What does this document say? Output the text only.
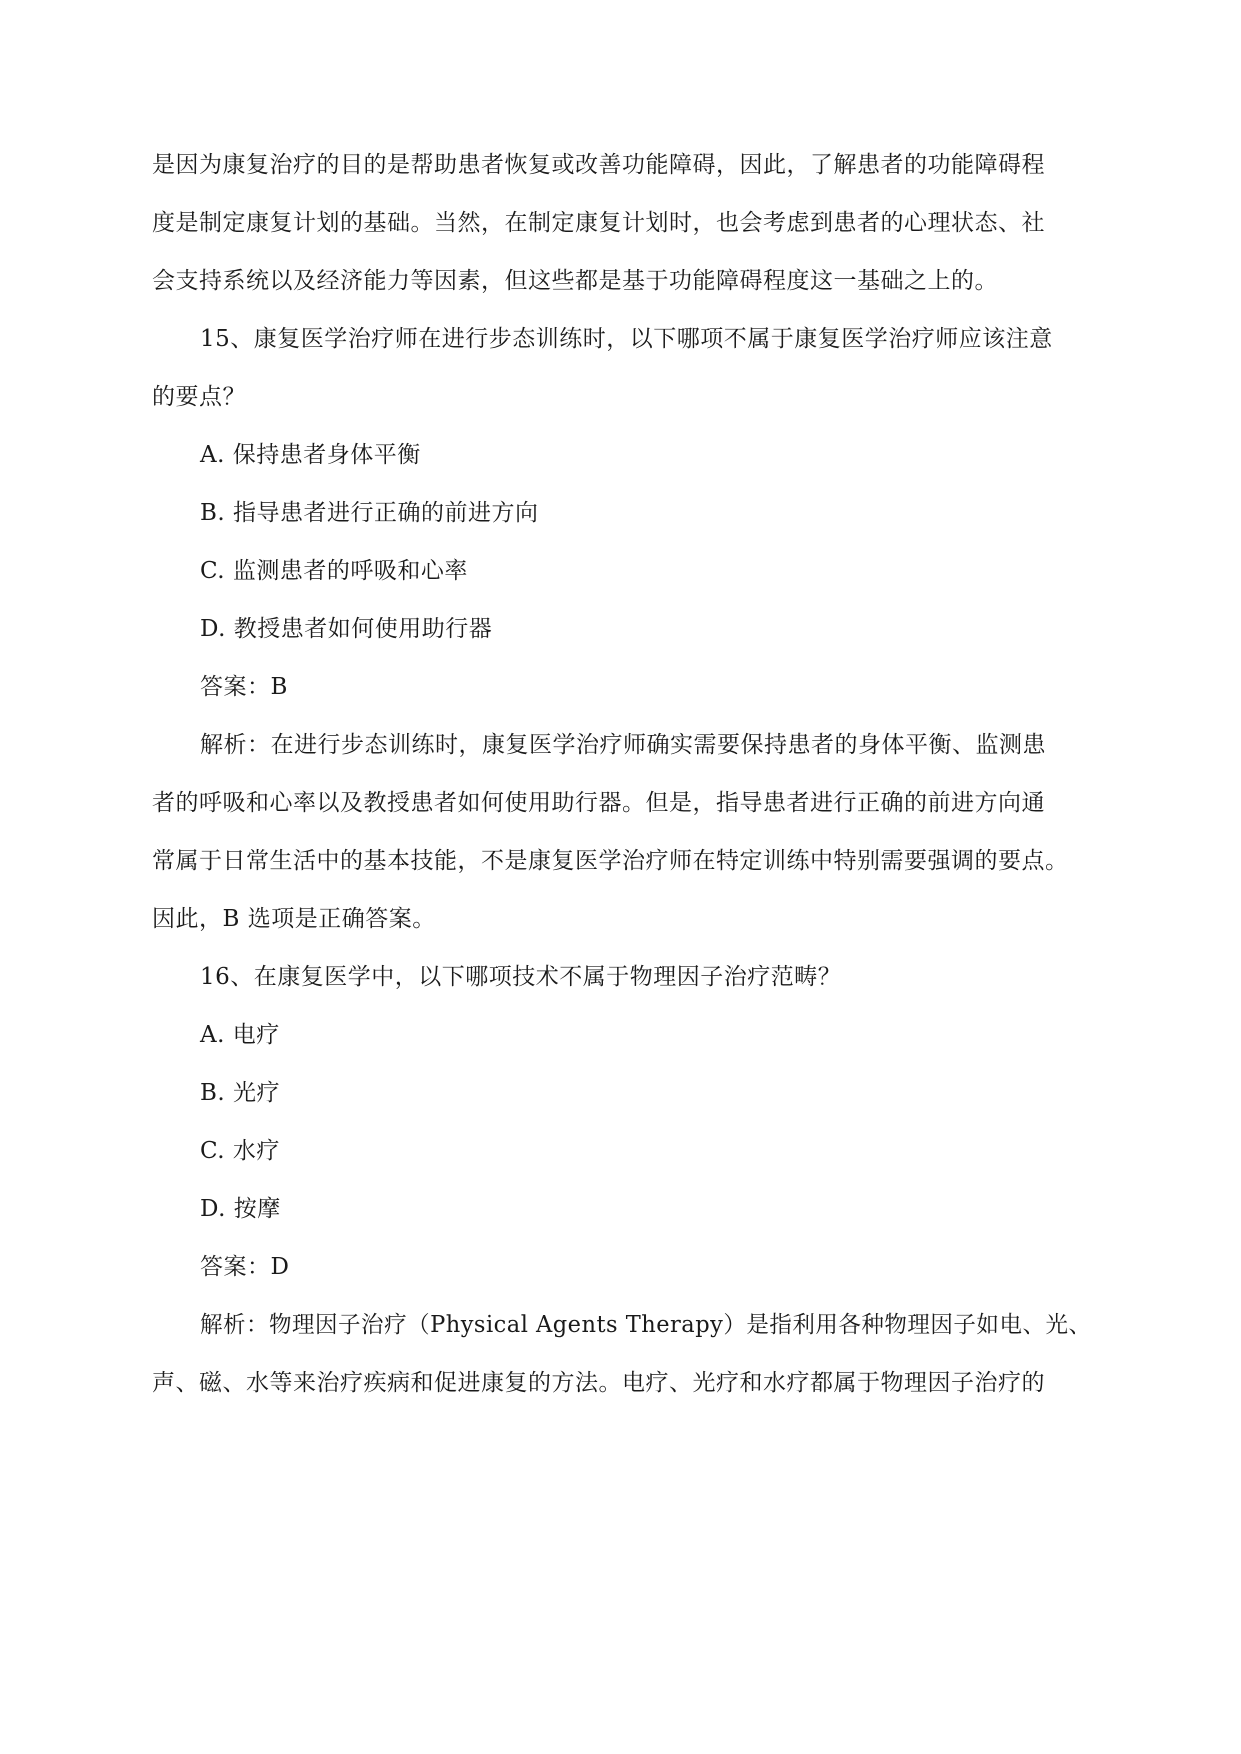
是因为康复治疗的目的是帮助患者恢复或改善功能障碍，因此，了解患者的功能障碍程
度是制定康复计划的基础。当然，在制定康复计划时，也会考虑到患者的心理状态、社
会支持系统以及经济能力等因素，但这些都是基于功能障碍程度这一基础之上的。
15、康复医学治疗师在进行步态训练时，以下哪项不属于康复医学治疗师应该注意
的要点？
A. 保持患者身体平衡
B. 指导患者进行正确的前进方向
C. 监测患者的呼吸和心率
D. 教授患者如何使用助行器
答案：B
解析：在进行步态训练时，康复医学治疗师确实需要保持患者的身体平衡、监测患
者的呼吸和心率以及教授患者如何使用助行器。但是，指导患者进行正确的前进方向通
常属于日常生活中的基本技能，不是康复医学治疗师在特定训练中特别需要强调的要点。
因此，B 选项是正确答案。
16、在康复医学中，以下哪项技术不属于物理因子治疗范畴？
A. 电疗
B. 光疗
C. 水疗
D. 按摩
答案：D
解析：物理因子治疗（Physical Agents Therapy）是指利用各种物理因子如电、光、
声、磁、水等来治疗疾病和促进康复的方法。电疗、光疗和水疗都属于物理因子治疗的
